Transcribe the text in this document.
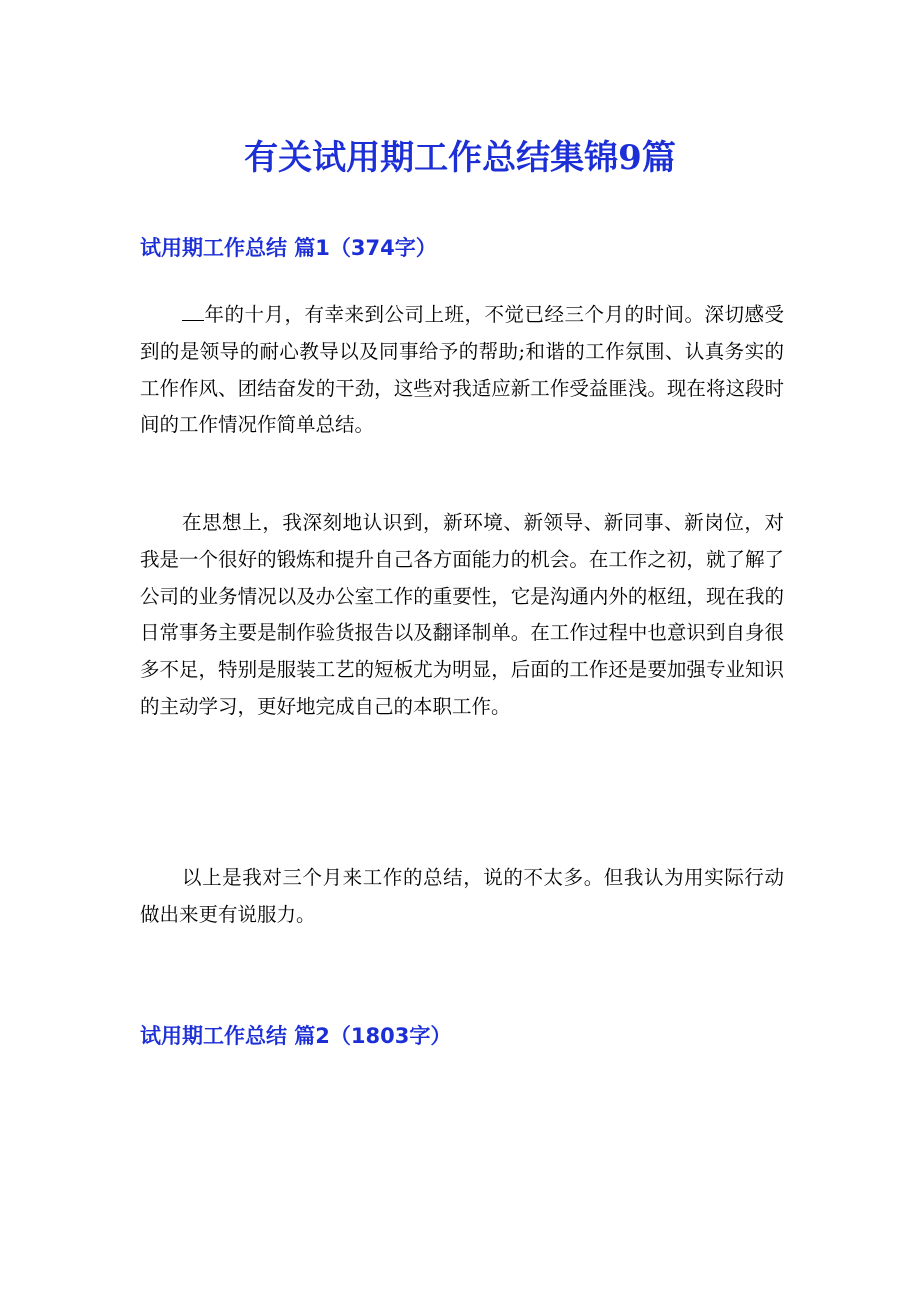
有关试用期工作总结集锦9篇
试用期工作总结 篇1（374字）

年的十月，有幸来到公司上班，不觉已经三个月的时间。深切感受到的是领导的耐心教导以及同事给予的帮助;和谐的工作氛围、认真务实的工作作风、团结奋发的干劲，这些对我适应新工作受益匪浅。现在将这段时间的工作情况作简单总结。

在思想上，我深刻地认识到，新环境、新领导、新同事、新岗位，对我是一个很好的锻炼和提升自己各方面能力的机会。在工作之初，就了解了公司的业务情况以及办公室工作的重要性，它是沟通内外的枢纽，现在我的日常事务主要是制作验货报告以及翻译制单。在工作过程中也意识到自身很多不足，特别是服装工艺的短板尤为明显，后面的工作还是要加强专业知识的主动学习，更好地完成自己的本职工作。

以上是我对三个月来工作的总结，说的不太多。但我认为用实际行动做出来更有说服力。

试用期工作总结 篇2（1803字）
